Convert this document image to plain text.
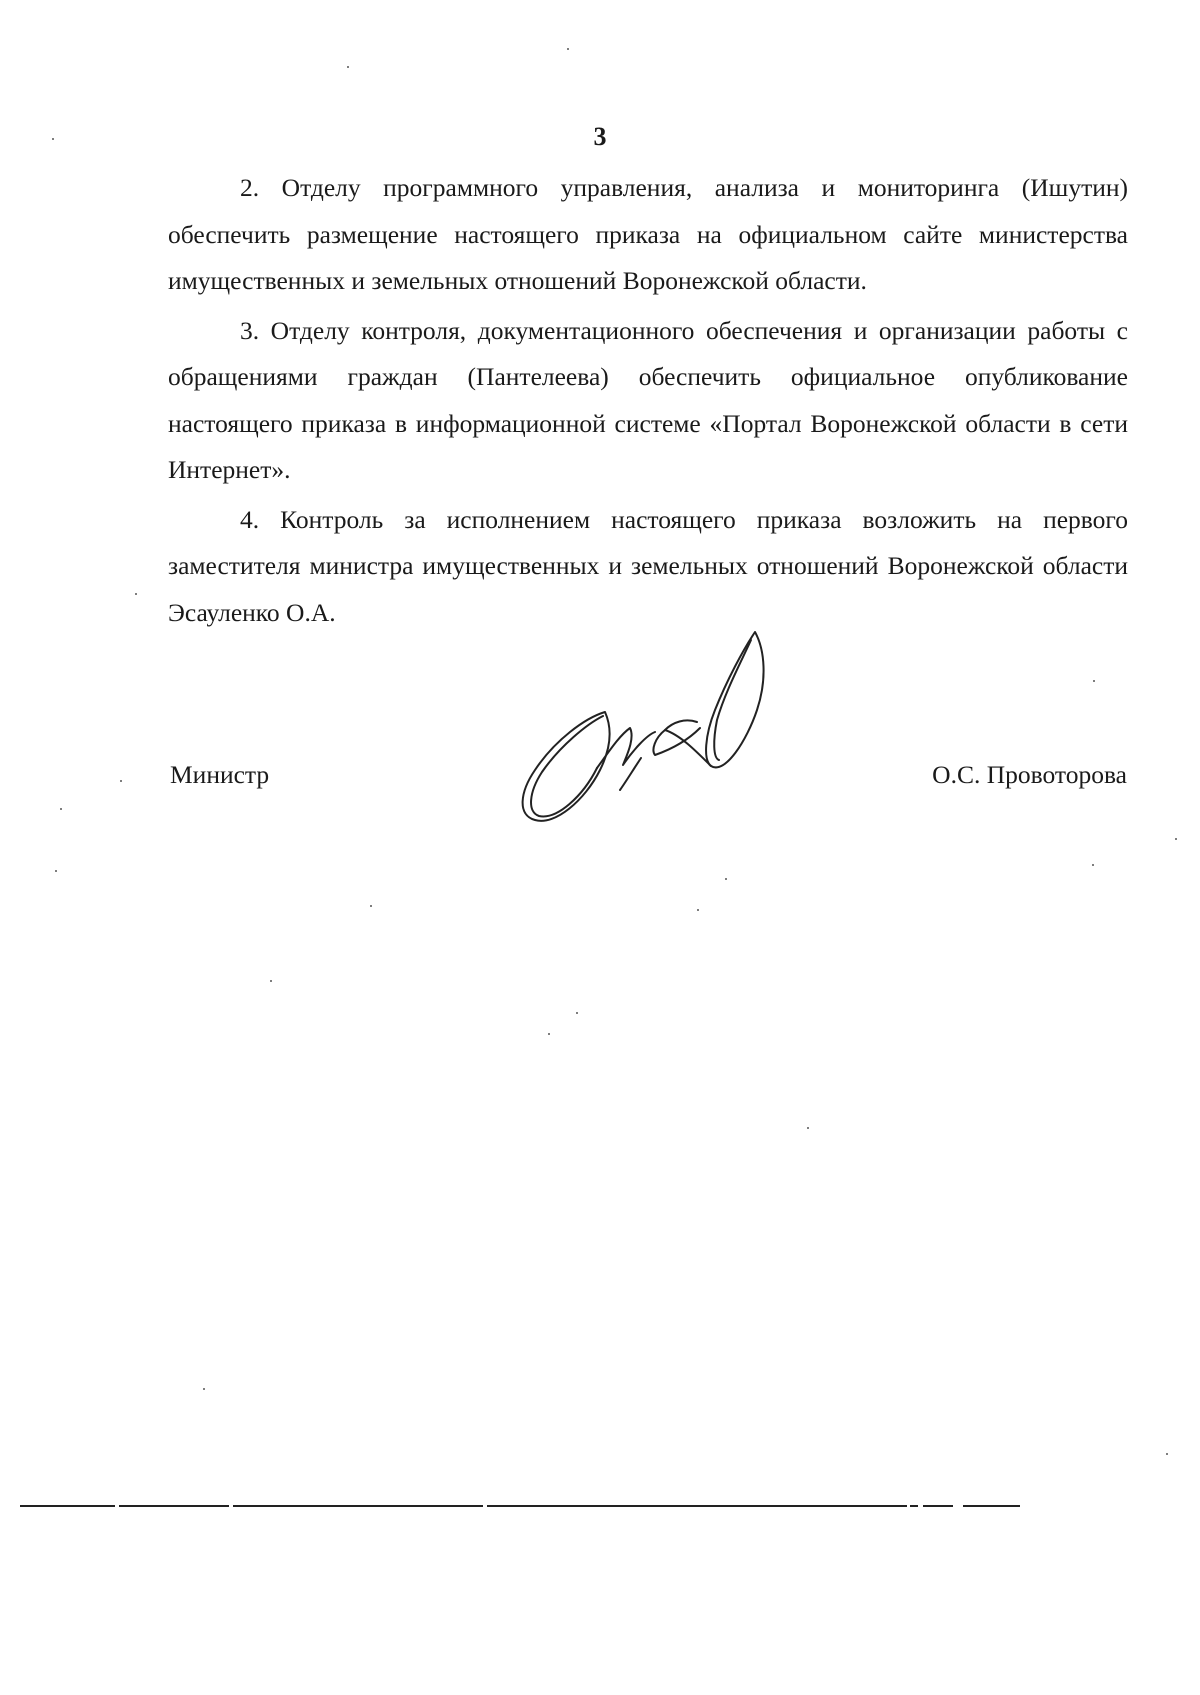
3

2. Отделу программного управления, анализа и мониторинга (Ишутин) обеспечить размещение настоящего приказа на официальном сайте министерства имущественных и земельных отношений Воронежской области.

3. Отделу контроля, документационного обеспечения и организации работы с обращениями граждан (Пантелеева) обеспечить официальное опубликование настоящего приказа в информационной системе «Портал Воронежской области в сети Интернет».

4. Контроль за исполнением настоящего приказа возложить на первого заместителя министра имущественных и земельных отношений Воронежской области Эсауленко О.А.

Министр	О.С. Провоторова
